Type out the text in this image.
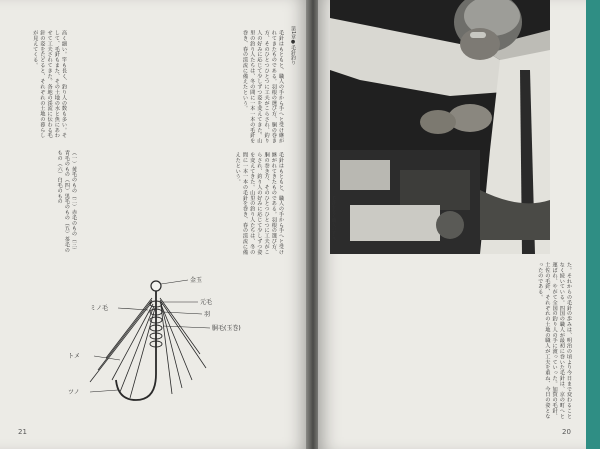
第1章●毛針釣り
高く細い。竿も長く、釣り人の数も多い。そして、毛針もまた、その土地の水と魚にあわせて工夫されてきた。各地の渓流に伝わる毛針の姿をたどると、それぞれの土地の暮らしが見えてくる。	毛針はもともと、職人の手から手へと受け継がれてきたものである。羽根の選び方、胴の巻き方、そのひとつひとつに工夫がこらされ、釣り人の好みに応じて少しずつ姿を変えてきた。山里の釣り人たちは、冬の間に一本一本の毛針を巻き、春の渓流に備えたという。
毛針はもともと、職人の手から手へと受け継がれてきたものである。羽根の選び方、胴の巻き方、そのひとつひとつに工夫がこらされ、釣り人の好みに応じて少しずつ姿を変えてきた。山里の釣り人たちは、冬の間に一本一本の毛針を巻き、春の渓流に備えたという。
（一）黄毛のもの（二）赤毛のもの（三）青毛のもの（四）黒毛のもの（五）茶毛のもの（六）白毛のもの
金玉
元毛
羽
胴毛(玉巻)
ミノ毛
トメ
ツノ
21	20
毛針を巻く職人の手元
た。それからの毛針の歩みは、明治の頃より今日まで変わることなく続いている。四国の職人が最初に巻いた毛針は、京の町へと運ばれ、やがて全国の釣り人の手に渡っていった。加賀の毛針、土佐の毛針、それぞれの土地の職人が工夫を重ね、今日の姿となったのである。
